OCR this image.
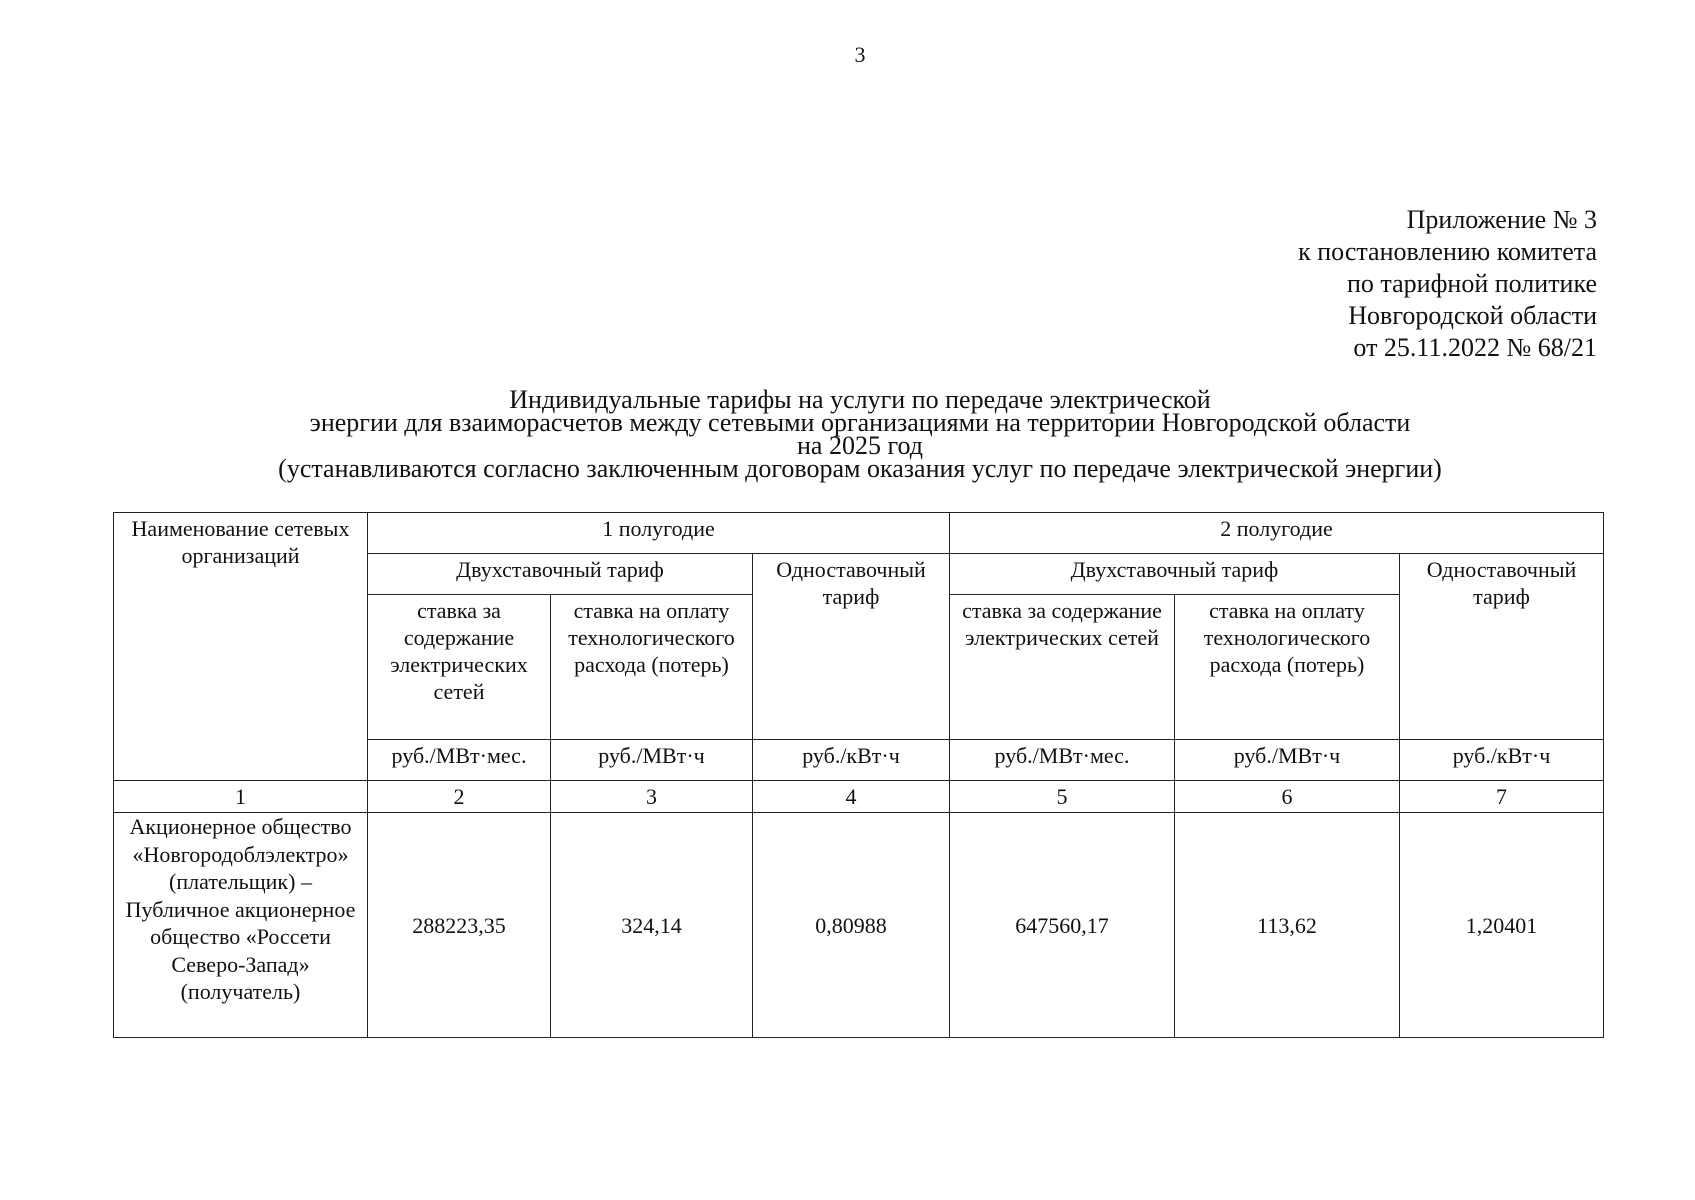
3
Приложение № 3
к постановлению комитета
по тарифной политике
Новгородской области
от 25.11.2022 № 68/21
Индивидуальные тарифы на услуги по передаче электрической
энергии для взаиморасчетов между сетевыми организациями на территории Новгородской области
на 2025 год
(устанавливаются согласно заключенным договорам оказания услуг по передаче электрической энергии)
Наименование сетевых организаций	1 полугодие			2 полугодие		
	Двухставочный тариф		Одноставочный тариф	Двухставочный тариф		Одноставочный тариф
	ставка за содержание электрических сетей	ставка на оплату технологического расхода (потерь)		ставка за содержание электрических сетей	ставка на оплату технологического расхода (потерь)	
	руб./МВт·мес.	руб./МВт·ч	руб./кВт·ч	руб./МВт·мес.	руб./МВт·ч	руб./кВт·ч
1	2	3	4	5	6	7
Акционерное общество «Новгородоблэлектро» (плательщик) – Публичное акционерное общество «Россети Северо-Запад» (получатель)	288223,35	324,14	0,80988	647560,17	113,62	1,20401
